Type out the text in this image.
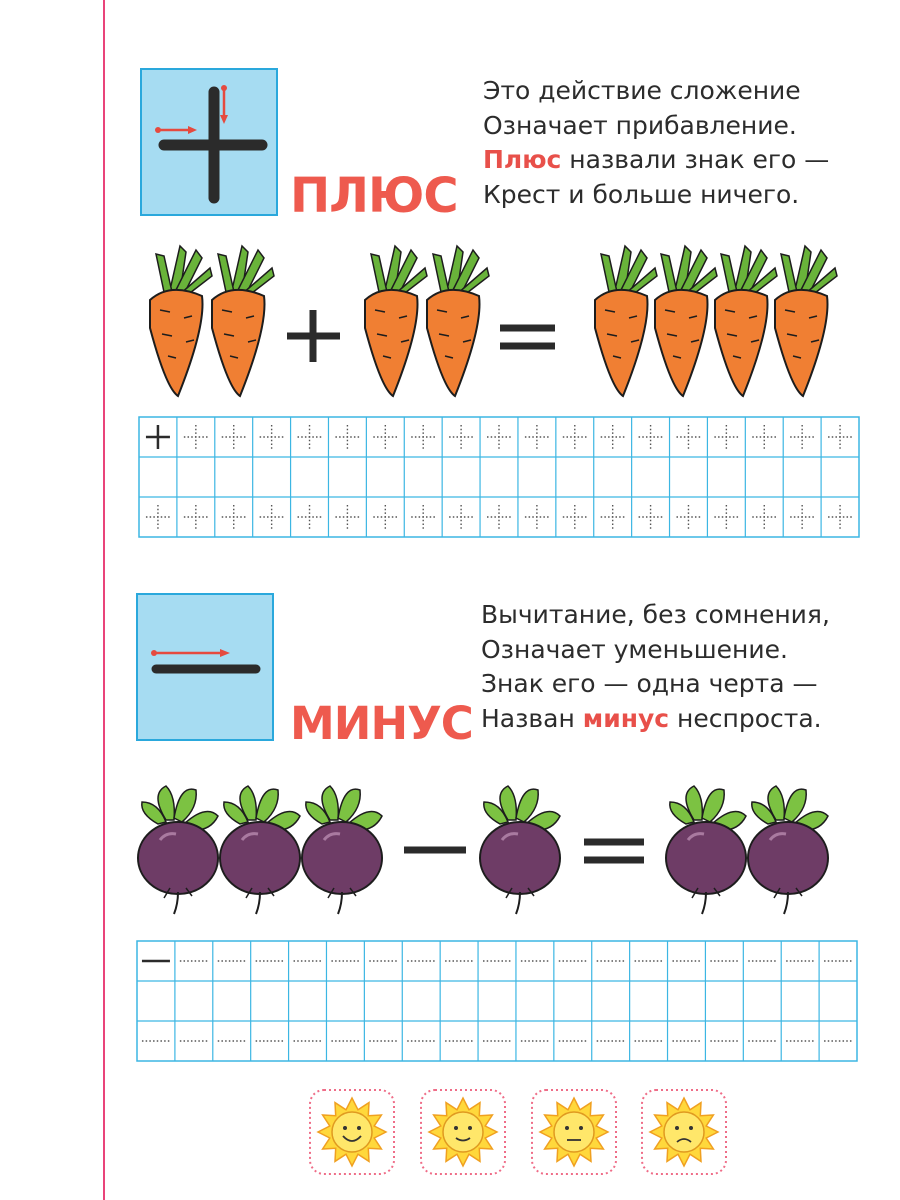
ПЛЮС
Это действие сложение
Означает прибавление.
Плюс назвали знак его —
Крест и больше ничего.
МИНУС
Вычитание, без сомнения,
Означает уменьшение.
Знак его — одна черта —
Назван минус неспроста.
